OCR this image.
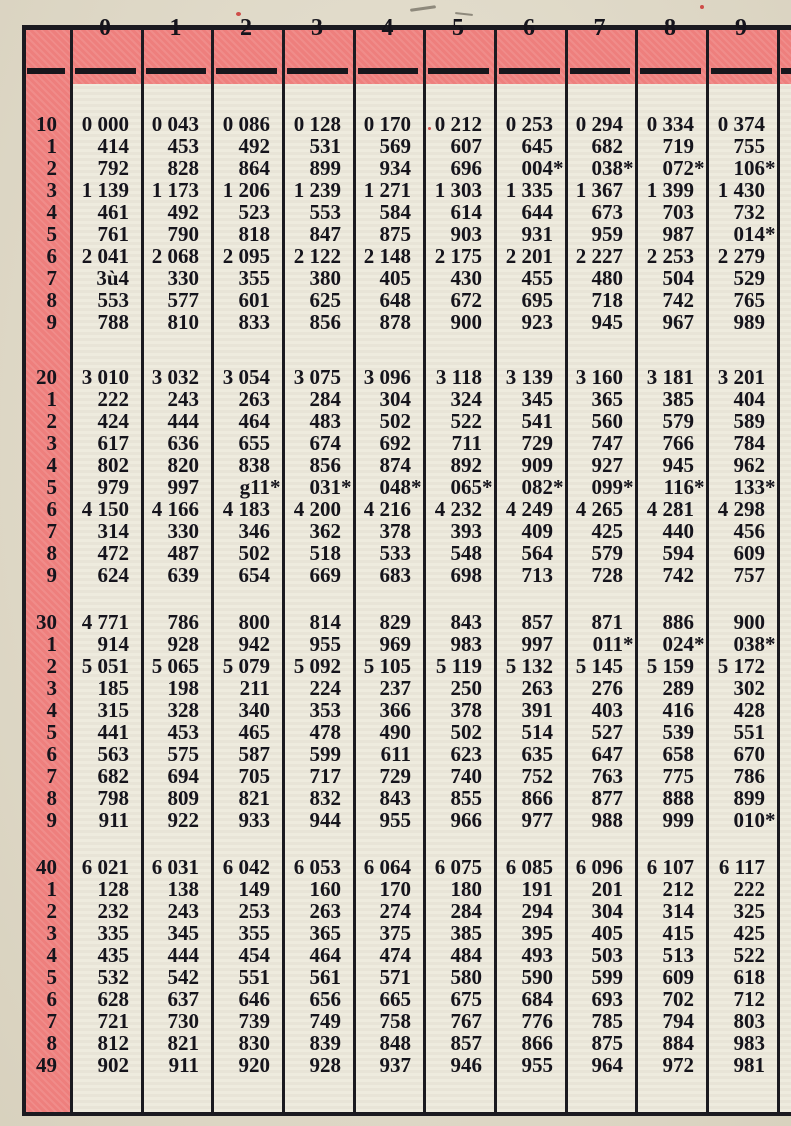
0	1	2	3	4	5	6	7	8	9
10	0 000	0 043	0 086	0 128	0 170	0 212	0 253	0 294	0 334	0 374
1	414	453	492	531	569	607	645	682	719	755
2	792	828	864	899	934	696	004*	038*	072*	106*
3	1 139	1 173	1 206	1 239	1 271	1 303	1 335	1 367	1 399	1 430
4	461	492	523	553	584	614	644	673	703	732
5	761	790	818	847	875	903	931	959	987	014*
6	2 041	2 068	2 095	2 122	2 148	2 175	2 201	2 227	2 253	2 279
7	3ù4	330	355	380	405	430	455	480	504	529
8	553	577	601	625	648	672	695	718	742	765
9	788	810	833	856	878	900	923	945	967	989
20	3 010	3 032	3 054	3 075	3 096	3 118	3 139	3 160	3 181	3 201
1	222	243	263	284	304	324	345	365	385	404
2	424	444	464	483	502	522	541	560	579	589
3	617	636	655	674	692	711	729	747	766	784
4	802	820	838	856	874	892	909	927	945	962
5	979	997	g11*	031*	048*	065*	082*	099*	116*	133*
6	4 150	4 166	4 183	4 200	4 216	4 232	4 249	4 265	4 281	4 298
7	314	330	346	362	378	393	409	425	440	456
8	472	487	502	518	533	548	564	579	594	609
9	624	639	654	669	683	698	713	728	742	757
30	4 771	786	800	814	829	843	857	871	886	900
1	914	928	942	955	969	983	997	011*	024*	038*
2	5 051	5 065	5 079	5 092	5 105	5 119	5 132	5 145	5 159	5 172
3	185	198	211	224	237	250	263	276	289	302
4	315	328	340	353	366	378	391	403	416	428
5	441	453	465	478	490	502	514	527	539	551
6	563	575	587	599	611	623	635	647	658	670
7	682	694	705	717	729	740	752	763	775	786
8	798	809	821	832	843	855	866	877	888	899
9	911	922	933	944	955	966	977	988	999	010*
40	6 021	6 031	6 042	6 053	6 064	6 075	6 085	6 096	6 107	6 117
1	128	138	149	160	170	180	191	201	212	222
2	232	243	253	263	274	284	294	304	314	325
3	335	345	355	365	375	385	395	405	415	425
4	435	444	454	464	474	484	493	503	513	522
5	532	542	551	561	571	580	590	599	609	618
6	628	637	646	656	665	675	684	693	702	712
7	721	730	739	749	758	767	776	785	794	803
8	812	821	830	839	848	857	866	875	884	983
49	902	911	920	928	937	946	955	964	972	981
